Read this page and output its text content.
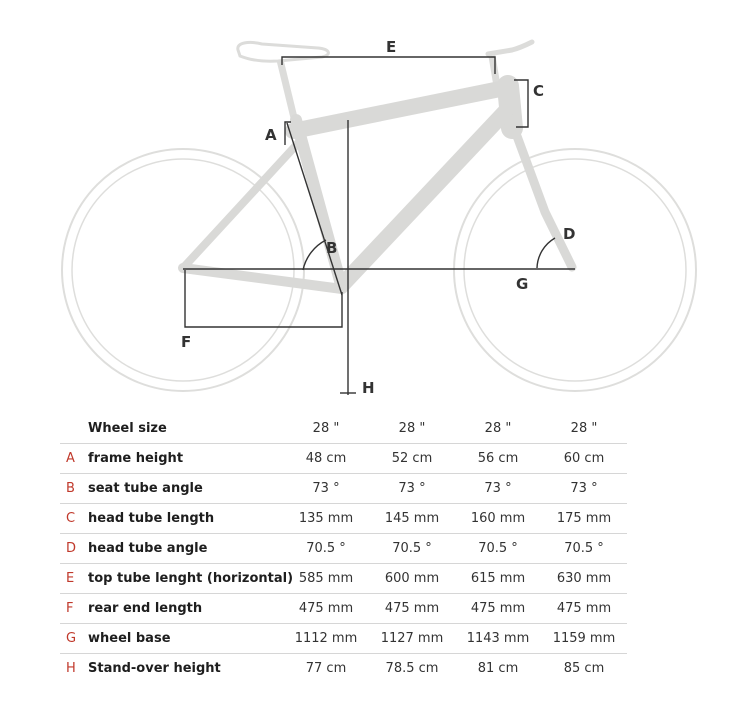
E
C
A
B
D
G
F
H
	Wheel size	28 "	28 "	28 "	28 "
A	frame height	48 cm	52 cm	56 cm	60 cm
B	seat tube angle	73 °	73 °	73 °	73 °
C	head tube length	135 mm	145 mm	160 mm	175 mm
D	head tube angle	70.5 °	70.5 °	70.5 °	70.5 °
E	top tube lenght (horizontal)	585 mm	600 mm	615 mm	630 mm
F	rear end length	475 mm	475 mm	475 mm	475 mm
G	wheel base	1112 mm	1127 mm	1143 mm	1159 mm
H	Stand-over height	77 cm	78.5 cm	81 cm	85 cm
